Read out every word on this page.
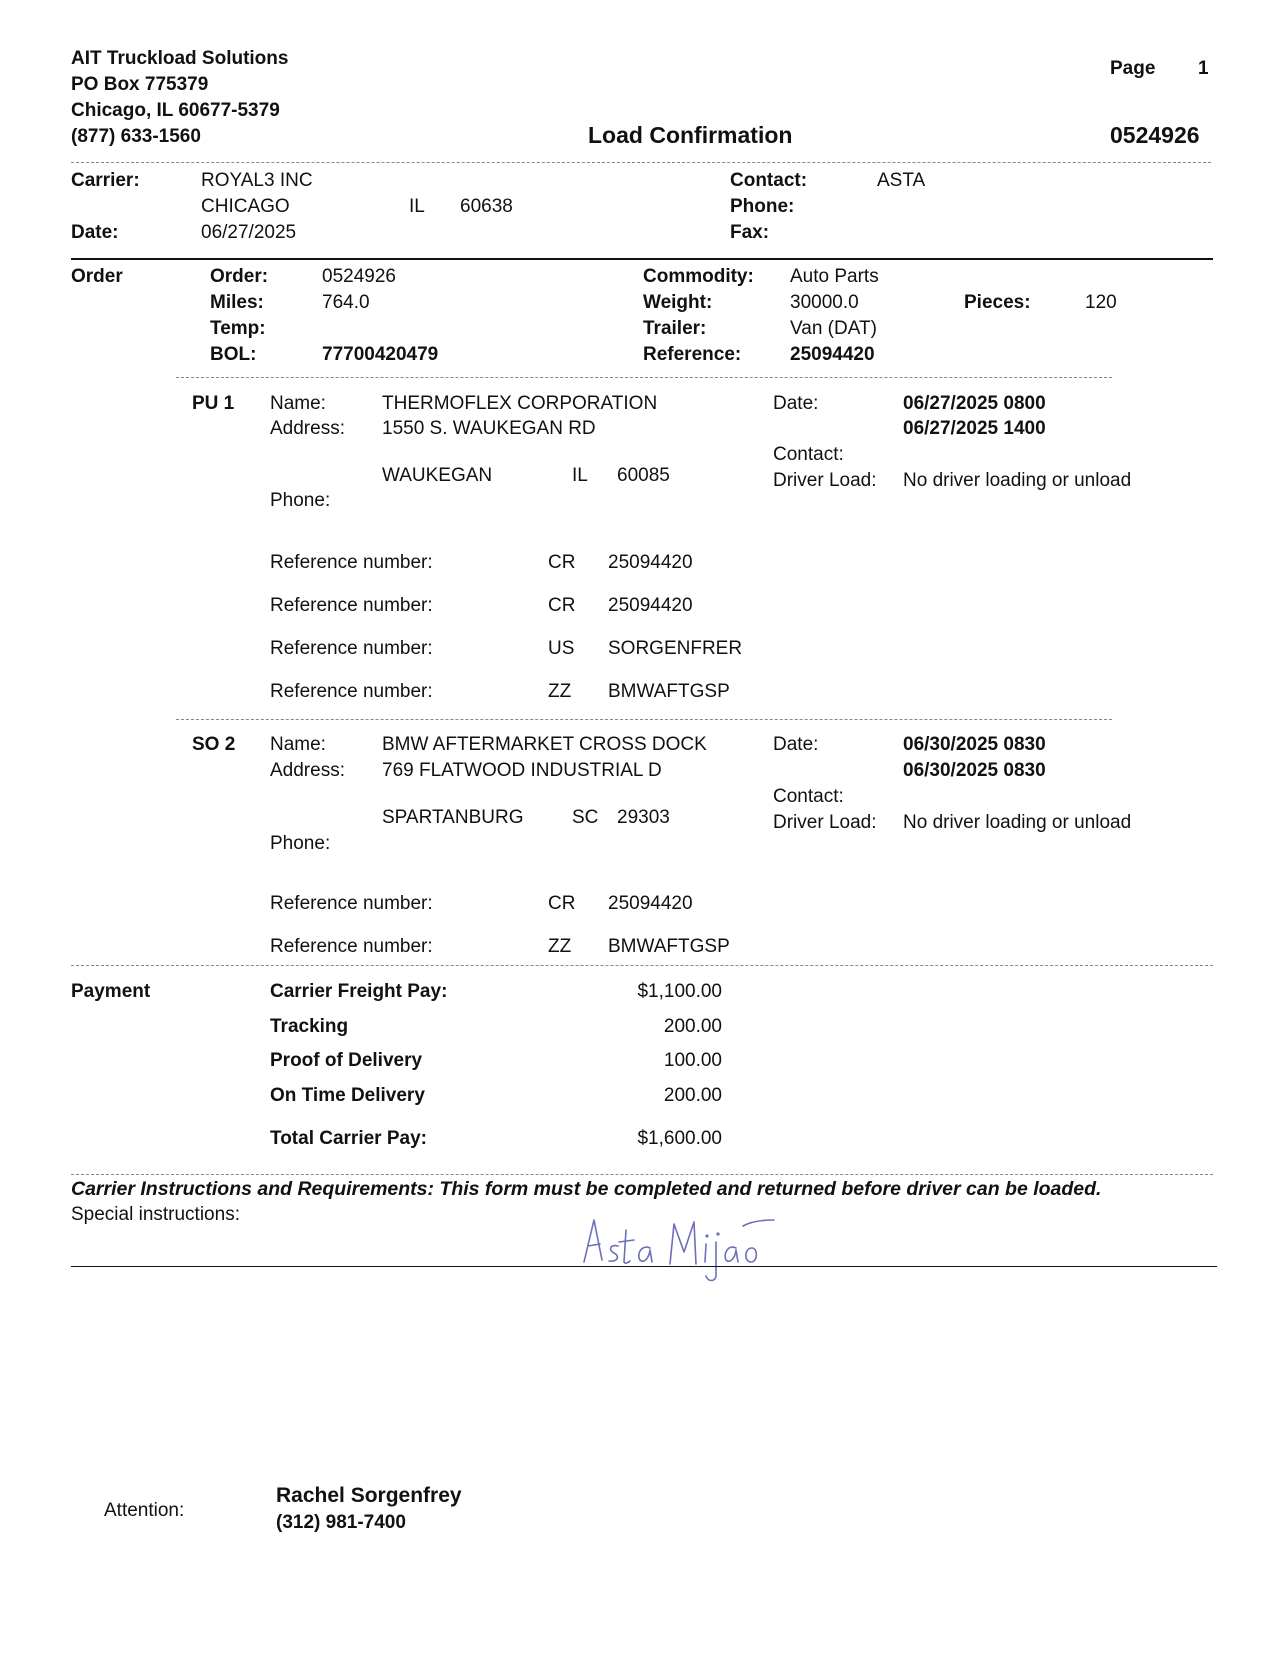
AIT Truckload Solutions
PO Box 775379
Chicago, IL 60677-5379
(877) 633-1560
Page 1
Load Confirmation	0524926
Carrier:	ROYAL3 INC
CHICAGO	IL 60638
Date:	06/27/2025
Contact:	ASTA
Phone:
Fax:
Order	Order:	0524926
Miles:	764.0
Temp:
BOL:	77700420479
Commodity: Auto Parts
Weight:	30000.0
Trailer:	Van (DAT)
Reference:	25094420
Pieces:	120
PU 1 Name:	THERMOFLEX CORPORATION
Address: 1550 S. WAUKEGAN RD
WAUKEGAN	IL 60085
Phone:
Date:	06/27/2025 0800
06/27/2025 1400
Contact:
Driver Load: No driver loading or unload
Reference number:	CR 25094420
Reference number:	CR 25094420
Reference number:	US SORGENFRER
Reference number:	ZZ BMWAFTGSP
SO 2 Name:	BMW AFTERMARKET CROSS DOCK
Address: 769 FLATWOOD INDUSTRIAL D
SPARTANBURG	SC 29303
Phone:
Date:	06/30/2025 0830
06/30/2025 0830
Contact:
Driver Load: No driver loading or unload
Reference number:	CR 25094420
Reference number:	ZZ BMWAFTGSP
Payment	Carrier Freight Pay:	$1,100.00
Tracking	200.00
Proof of Delivery	100.00
On Time Delivery	200.00
Total Carrier Pay:	$1,600.00
Carrier Instructions and Requirements: This form must be completed and returned before driver can be loaded.
Special instructions:
Attention:
Rachel Sorgenfrey
(312) 981-7400
